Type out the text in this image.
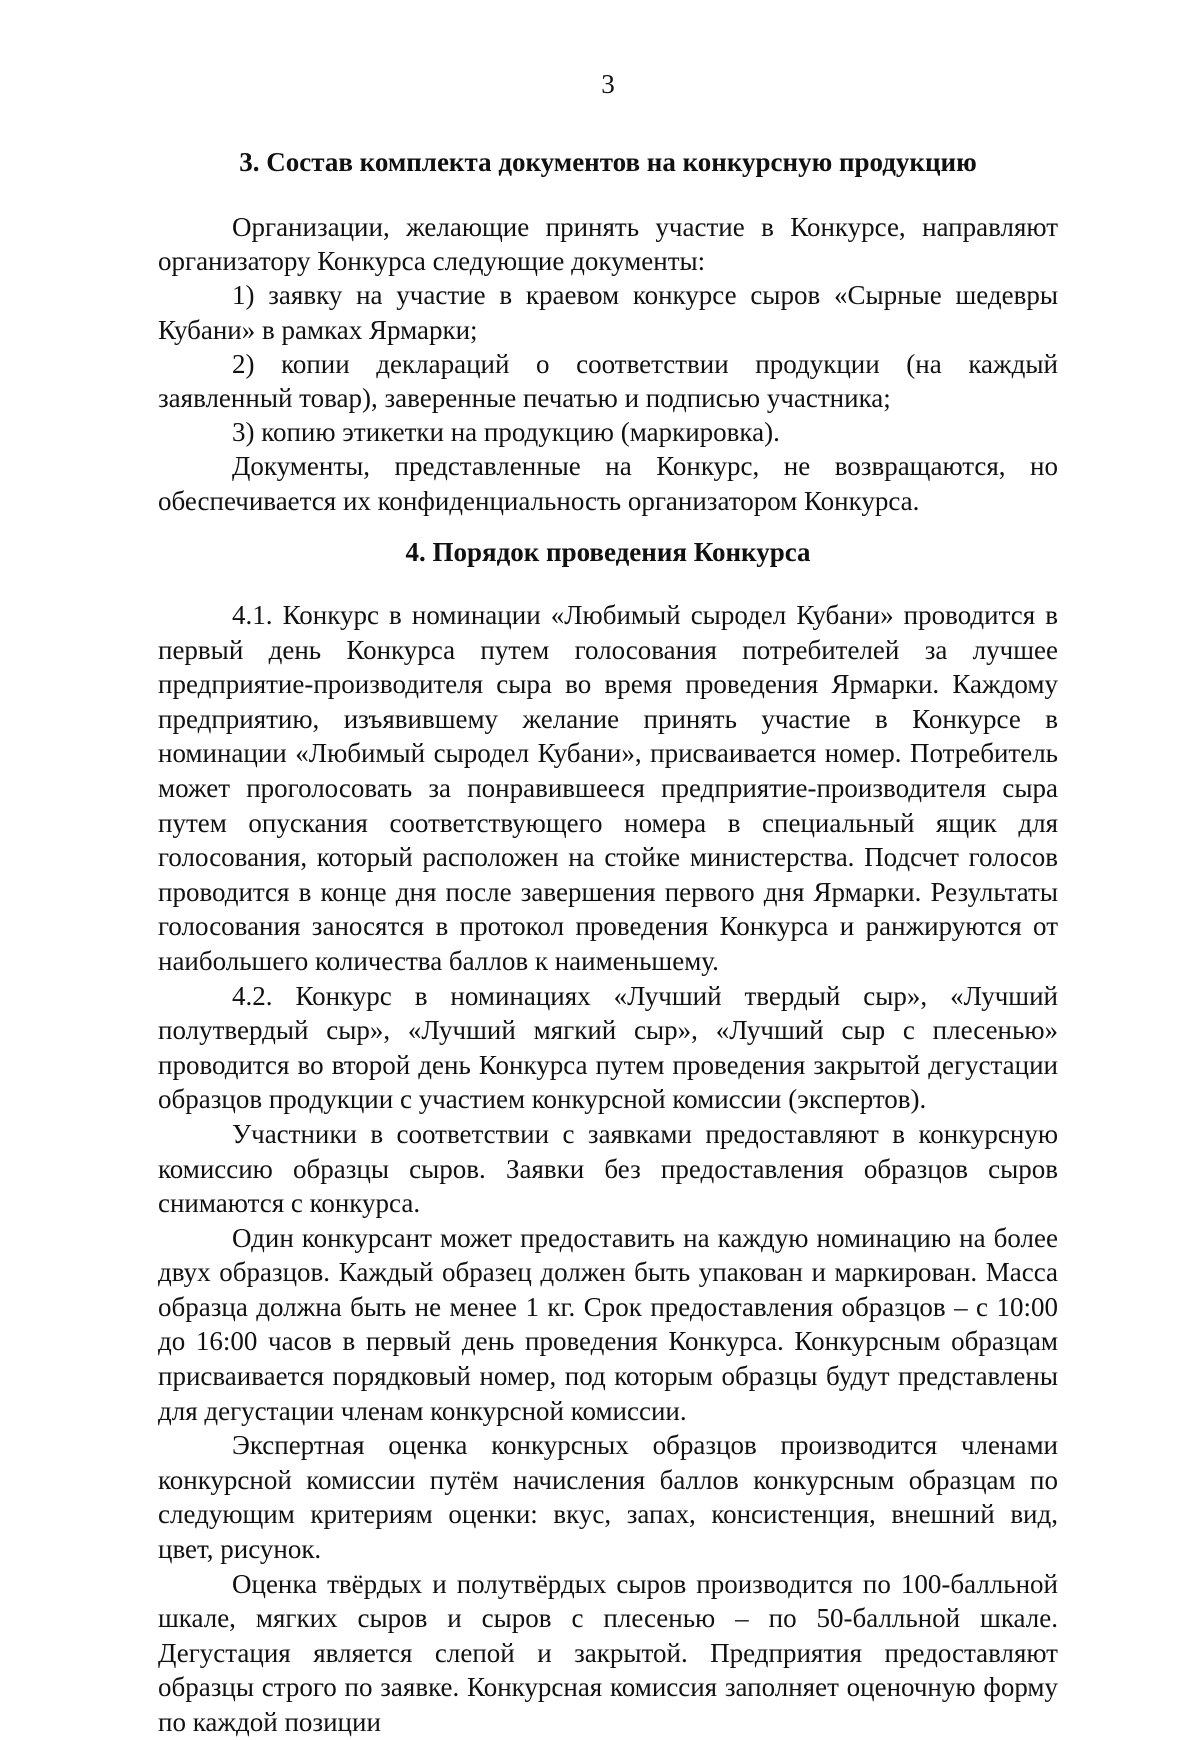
3
3. Состав комплекта документов на конкурсную продукцию

Организации, желающие принять участие в Конкурсе, направляют организатору Конкурса следующие документы:

1) заявку на участие в краевом конкурсе сыров «Сырные шедевры Кубани» в рамках Ярмарки;

2) копии деклараций о соответствии продукции (на каждый заявленный товар), заверенные печатью и подписью участника;

3) копию этикетки на продукцию (маркировка).

Документы, представленные на Конкурс, не возвращаются, но обеспечивается их конфиденциальность организатором Конкурса.

4. Порядок проведения Конкурса

4.1. Конкурс в номинации «Любимый сыродел Кубани» проводится в первый день Конкурса путем голосования потребителей за лучшее предприятие-производителя сыра во время проведения Ярмарки. Каждому предприятию, изъявившему желание принять участие в Конкурсе в номинации «Любимый сыродел Кубани», присваивается номер. Потребитель может проголосовать за понравившееся предприятие-производителя сыра путем опускания соответствующего номера в специальный ящик для голосования, который расположен на стойке министерства. Подсчет голосов проводится в конце дня после завершения первого дня Ярмарки. Результаты голосования заносятся в протокол проведения Конкурса и ранжируются от наибольшего количества баллов к наименьшему.

4.2. Конкурс в номинациях «Лучший твердый сыр», «Лучший полутвердый сыр», «Лучший мягкий сыр», «Лучший сыр с плесенью» проводится во второй день Конкурса путем проведения закрытой дегустации образцов продукции с участием конкурсной комиссии (экспертов).

Участники в соответствии с заявками предоставляют в конкурсную комиссию образцы сыров. Заявки без предоставления образцов сыров снимаются с конкурса.

Один конкурсант может предоставить на каждую номинацию на более двух образцов. Каждый образец должен быть упакован и маркирован. Масса образца должна быть не менее 1 кг. Срок предоставления образцов – с 10:00 до 16:00 часов в первый день проведения Конкурса. Конкурсным образцам присваивается порядковый номер, под которым образцы будут представлены для дегустации членам конкурсной комиссии.

Экспертная оценка конкурсных образцов производится членами конкурсной комиссии путём начисления баллов конкурсным образцам по следующим критериям оценки: вкус, запах, консистенция, внешний вид, цвет, рисунок.

Оценка твёрдых и полутвёрдых сыров производится по 100-балльной шкале, мягких сыров и сыров с плесенью – по 50-балльной шкале. Дегустация является слепой и закрытой. Предприятия предоставляют образцы строго по заявке. Конкурсная комиссия заполняет оценочную форму по каждой позиции
